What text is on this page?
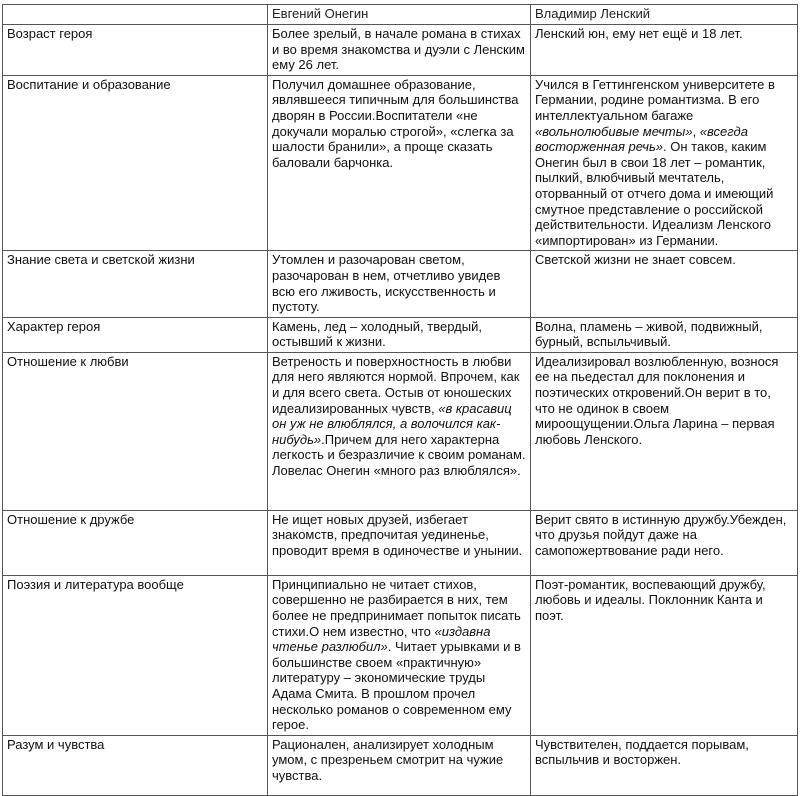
	Евгений Онегин	Владимир Ленский
Возраст героя	Более зрелый, в начале романа в стихах и во время знакомства и дуэли с Ленским ему 26 лет.	Ленский юн, ему нет ещё и 18 лет.
Воспитание и образование	Получил домашнее образование, являвшееся типичным для большинства дворян в России.Воспитатели «не докучали моралью строгой», «слегка за шалости бранили», а проще сказать баловали барчонка.	Учился в Геттингенском университете в Германии, родине романтизма. В его интеллектуальном багаже «вольнолюбивые мечты», «всегда восторженная речь». Он таков, каким Онегин был в свои 18 лет – романтик, пылкий, влюбчивый мечтатель, оторванный от отчего дома и имеющий смутное представление о российской действительности. Идеализм Ленского «импортирован» из Германии.
Знание света и светской жизни	Утомлен и разочарован светом, разочарован в нем, отчетливо увидев всю его лживость, искусственность и пустоту.	Светской жизни не знает совсем.
Характер героя	Камень, лед – холодный, твердый, остывший к жизни.	Волна, пламень – живой, подвижный, бурный, вспыльчивый.
Отношение к любви	Ветреность и поверхностность в любви для него являются нормой. Впрочем, как и для всего света. Остыв от юношеских идеализированных чувств, «в красавиц он уж не влюблялся, а волочился как-нибудь».Причем для него характерна легкость и безразличие к своим романам. Ловелас Онегин «много раз влюблялся».	Идеализировал возлюбленную, вознося ее на пьедестал для поклонения и поэтических откровений.Он верит в то, что не одинок в своем мироощущении.Ольга Ларина – первая любовь Ленского.
Отношение к дружбе	Не ищет новых друзей, избегает знакомств, предпочитая уединенье, проводит время в одиночестве и унынии.	Верит свято в истинную дружбу.Убежден, что друзья пойдут даже на самопожертвование ради него.
Поэзия и литература вообще	Принципиально не читает стихов, совершенно не разбирается в них, тем более не предпринимает попыток писать стихи.О нем известно, что «издавна чтенье разлюбил». Читает урывками и в большинстве своем «практичную» литературу – экономические труды Адама Смита. В прошлом прочел несколько романов о современном ему герое.	Поэт-романтик, воспевающий дружбу, любовь и идеалы. Поклонник Канта и поэт.
Разум и чувства	Рационален, анализирует холодным умом, с презреньем смотрит на чужие чувства.	Чувствителен, поддается порывам, вспыльчив и восторжен.
